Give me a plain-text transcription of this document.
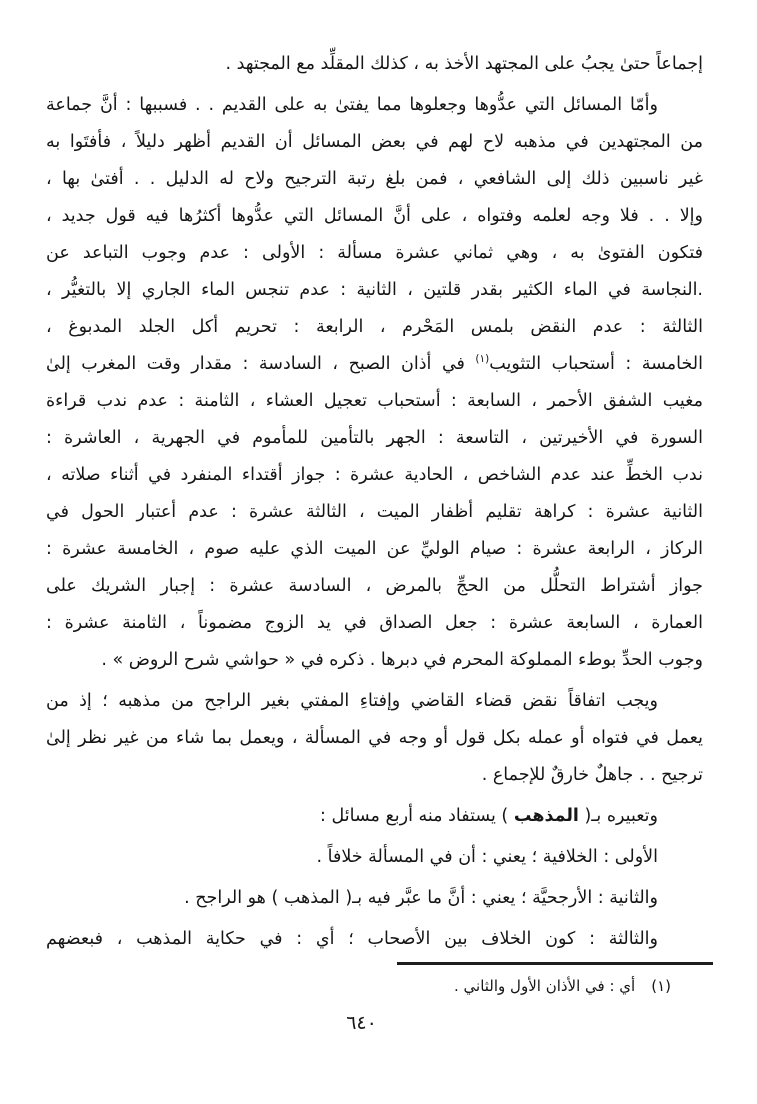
إجماعاً حتىٰ يجبُ على المجتهد الأخذ به ، كذلك المقلِّد مع المجتهد .
وأمّا المسائل التي عدُّوها وجعلوها مما يفتىٰ به على القديم . . فسببها : أنَّ جماعة
من المجتهدين في مذهبه لاح لهم في بعض المسائل أن القديم أظهر دليلاً ، فأفتَوا به
غير ناسبين ذلك إلى الشافعي ، فمن بلغ رتبة الترجيح ولاح له الدليل . . أفتىٰ بها ،
وإلا . . فلا وجه لعلمه وفتواه ، على أنَّ المسائل التي عدُّوها أكثرُها فيه قول جديد ،
فتكون الفتوىٰ به ، وهي ثماني عشرة مسألة : الأولى : عدم وجوب التباعد عن
.النجاسة في الماء الكثير بقدر قلتين ، الثانية : عدم تنجس الماء الجاري إلا بالتغيُّر ،
الثالثة : عدم النقض بلمس المَحْرم ، الرابعة : تحريم أكل الجلد المدبوغ ،
الخامسة : أستحباب التثويب$^{(١)}$ في أذان الصبح ، السادسة : مقدار وقت المغرب إلىٰ
مغيب الشفق الأحمر ، السابعة : أستحباب تعجيل العشاء ، الثامنة : عدم ندب قراءة
السورة في الأخيرتين ، التاسعة : الجهر بالتأمين للمأموم في الجهرية ، العاشرة :
ندب الخطِّ عند عدم الشاخص ، الحادية عشرة : جواز أقتداء المنفرد في أثناء صلاته ،
الثانية عشرة : كراهة تقليم أظفار الميت ، الثالثة عشرة : عدم أعتبار الحول في
الركاز ، الرابعة عشرة : صيام الوليِّ عن الميت الذي عليه صوم ، الخامسة عشرة :
جواز أشتراط التحلُّل من الحجِّ بالمرض ، السادسة عشرة : إجبار الشريك على
العمارة ، السابعة عشرة : جعل الصداق في يد الزوج مضموناً ، الثامنة عشرة :
وجوب الحدِّ بوطء المملوكة المحرم في دبرها . ذكره في « حواشي شرح الروض » .
ويجب اتفاقاً نقض قضاء القاضي وإفتاءِ المفتي بغير الراجح من مذهبه ؛ إذ من
يعمل في فتواه أو عمله بكل قول أو وجه في المسألة ، ويعمل بما شاء من غير نظر إلىٰ
ترجيح . . جاهلٌ خارقٌ للإجماع .
وتعبيره بـ( المذهب ) يستفاد منه أربع مسائل :
الأولى : الخلافية ؛ يعني : أن في المسألة خلافاً .
والثانية : الأرجحيَّة ؛ يعني : أنَّ ما عبَّر فيه بـ( المذهب ) هو الراجح .
والثالثة : كون الخلاف بين الأصحاب ؛ أي : في حكاية المذهب ، فبعضهم
(١)
أي : في الأذان الأول والثاني .
٦٤٠
